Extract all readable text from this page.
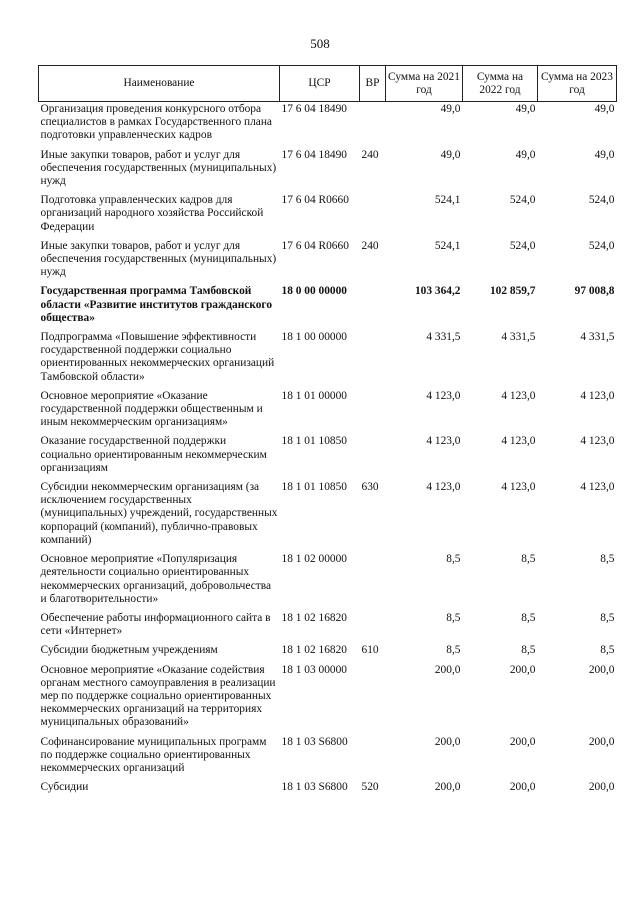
508
Наименование	ЦСР	ВР	Сумма на 2021 год	Сумма на 2022 год	Сумма на 2023 год
Организация проведения конкурсного отбора специалистов в рамках Государственного плана подготовки управленческих кадров	17 6 04 18490		49,0	49,0	49,0
Иные закупки товаров, работ и услуг для обеспечения государственных (муниципальных) нужд	17 6 04 18490	240	49,0	49,0	49,0
Подготовка управленческих кадров для организаций народного хозяйства Российской Федерации	17 6 04 R0660		524,1	524,0	524,0
Иные закупки товаров, работ и услуг для обеспечения государственных (муниципальных) нужд	17 6 04 R0660	240	524,1	524,0	524,0
Государственная программа Тамбовской области «Развитие институтов гражданского общества»	18 0 00 00000		103 364,2	102 859,7	97 008,8
Подпрограмма «Повышение эффективности государственной поддержки социально ориентированных некоммерческих организаций Тамбовской области»	18 1 00 00000		4 331,5	4 331,5	4 331,5
Основное мероприятие «Оказание государственной поддержки общественным и иным некоммерческим организациям»	18 1 01 00000		4 123,0	4 123,0	4 123,0
Оказание государственной поддержки социально ориентированным некоммерческим организациям	18 1 01 10850		4 123,0	4 123,0	4 123,0
Субсидии некоммерческим организациям (за исключением государственных (муниципальных) учреждений, государственных корпораций (компаний), публично-правовых компаний)	18 1 01 10850	630	4 123,0	4 123,0	4 123,0
Основное мероприятие «Популяризация деятельности социально ориентированных некоммерческих организаций, добровольчества и благотворительности»	18 1 02 00000		8,5	8,5	8,5
Обеспечение работы информационного сайта в сети «Интернет»	18 1 02 16820		8,5	8,5	8,5
Субсидии бюджетным учреждениям	18 1 02 16820	610	8,5	8,5	8,5
Основное мероприятие «Оказание содействия органам местного самоуправления в реализации мер по поддержке социально ориентированных некоммерческих организаций на территориях муниципальных образований»	18 1 03 00000		200,0	200,0	200,0
Софинансирование муниципальных программ по поддержке социально ориентированных некоммерческих организаций	18 1 03 S6800		200,0	200,0	200,0
Субсидии	18 1 03 S6800	520	200,0	200,0	200,0
